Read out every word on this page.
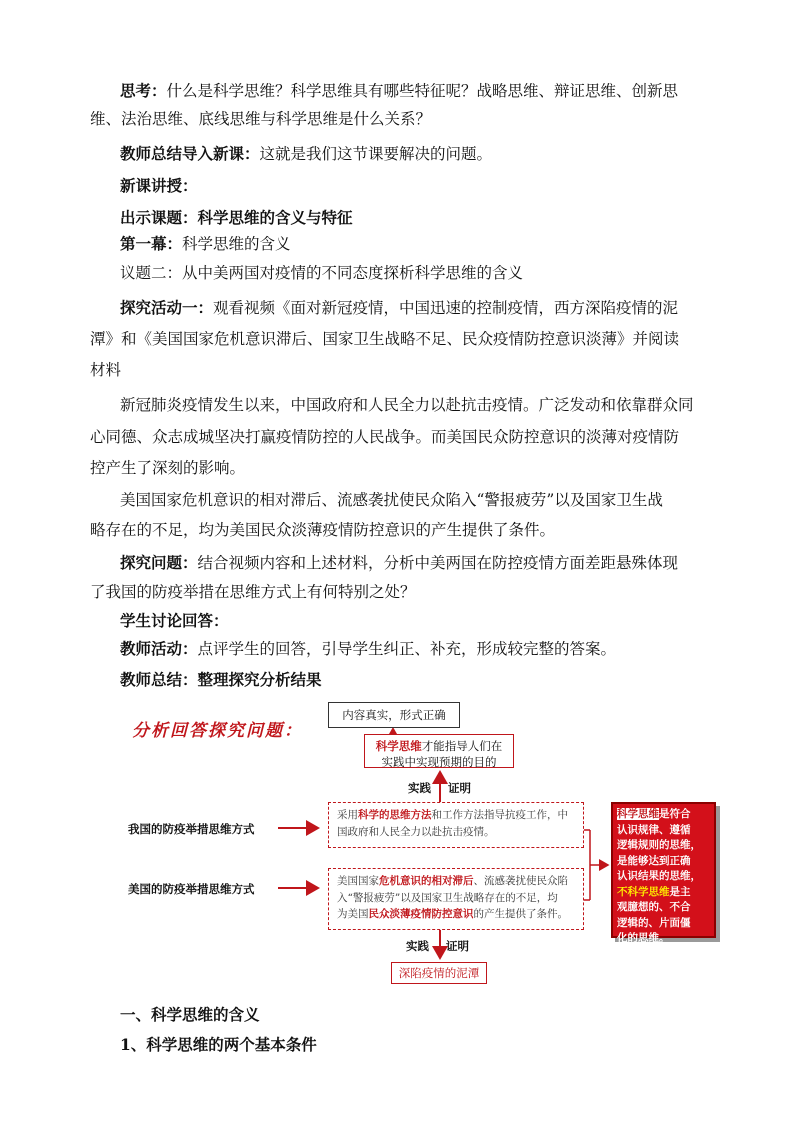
思考：什么是科学思维？科学思维具有哪些特征呢？战略思维、辩证思维、创新思
维、法治思维、底线思维与科学思维是什么关系？
教师总结导入新课：这就是我们这节课要解决的问题。
新课讲授：
出示课题：科学思维的含义与特征
第一幕：科学思维的含义
议题二：从中美两国对疫情的不同态度探析科学思维的含义
探究活动一：观看视频《面对新冠疫情，中国迅速的控制疫情，西方深陷疫情的泥
潭》和《美国国家危机意识滞后、国家卫生战略不足、民众疫情防控意识淡薄》并阅读
材料
新冠肺炎疫情发生以来，中国政府和人民全力以赴抗击疫情。广泛发动和依靠群众同
心同德、众志成城坚决打赢疫情防控的人民战争。而美国民众防控意识的淡薄对疫情防
控产生了深刻的影响。
美国国家危机意识的相对滞后、流感袭扰使民众陷入“警报疲劳”以及国家卫生战
略存在的不足，均为美国民众淡薄疫情防控意识的产生提供了条件。
探究问题：结合视频内容和上述材料，分析中美两国在防控疫情方面差距悬殊体现
了我国的防疫举措在思维方式上有何特别之处？
学生讨论回答：
教师活动：点评学生的回答，引导学生纠正、补充，形成较完整的答案。
教师总结：整理探究分析结果
分析回答探究问题：
内容真实，形式正确
科学思维才能指导人们在
实践中实现预期的目的
实践 证明
我国的防疫举措思维方式
美国的防疫举措思维方式
采用科学的思维方法和工作方法指导抗疫工作，中
国政府和人民全力以赴抗击疫情。
美国国家危机意识的相对滞后、流感袭扰使民众陷
入“警报疲劳”以及国家卫生战略存在的不足，均
为美国民众淡薄疫情防控意识的产生提供了条件。
实践 证明
深陷疫情的泥潭
科学思维是符合
认识规律、遵循
逻辑规则的思维，
是能够达到正确
认识结果的思维，
不科学思维是主
观臆想的、不合
逻辑的、片面僵
化的思维。
一、科学思维的含义
1、科学思维的两个基本条件
